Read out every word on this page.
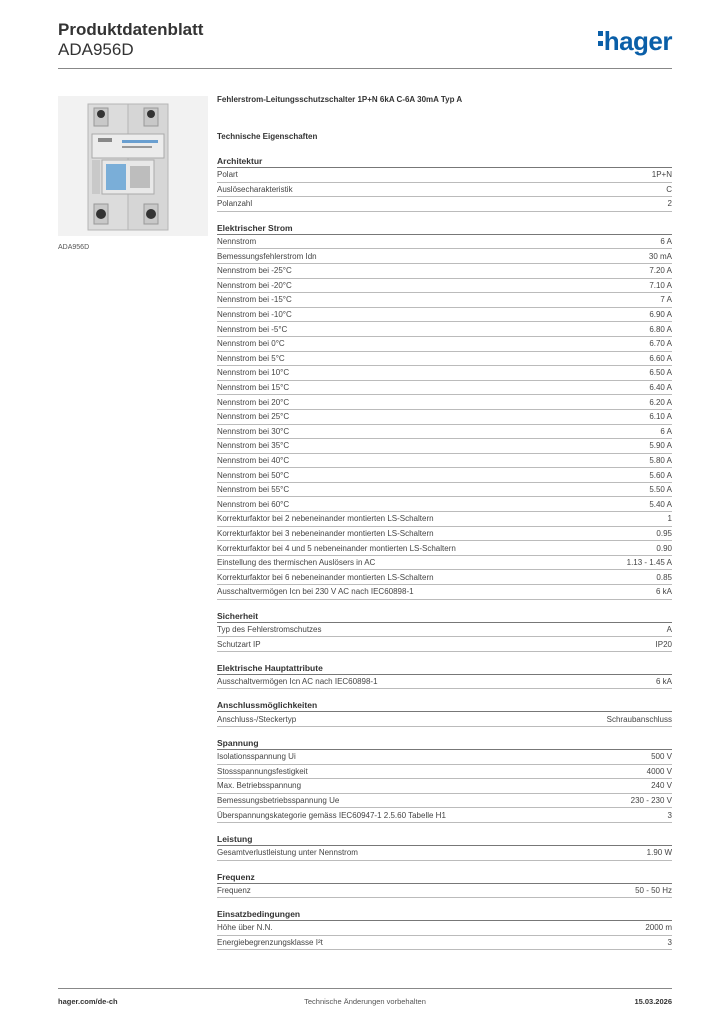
Produktdatenblatt
ADA956D	hager
ADA956D
Fehlerstrom-Leitungsschutzschalter 1P+N 6kA C-6A 30mA Typ A
Technische Eigenschaften
Architektur
Polart	1P+N
Auslösecharakteristik	C
Polanzahl	2
Elektrischer Strom
Nennstrom	6 A
Bemessungsfehlerstrom Idn	30 mA
Nennstrom bei -25°C	7.20 A
Nennstrom bei -20°C	7.10 A
Nennstrom bei -15°C	7 A
Nennstrom bei -10°C	6.90 A
Nennstrom bei -5°C	6.80 A
Nennstrom bei 0°C	6.70 A
Nennstrom bei 5°C	6.60 A
Nennstrom bei 10°C	6.50 A
Nennstrom bei 15°C	6.40 A
Nennstrom bei 20°C	6.20 A
Nennstrom bei 25°C	6.10 A
Nennstrom bei 30°C	6 A
Nennstrom bei 35°C	5.90 A
Nennstrom bei 40°C	5.80 A
Nennstrom bei 50°C	5.60 A
Nennstrom bei 55°C	5.50 A
Nennstrom bei 60°C	5.40 A
Korrekturfaktor bei 2 nebeneinander montierten LS-Schaltern	1
Korrekturfaktor bei 3 nebeneinander montierten LS-Schaltern	0.95
Korrekturfaktor bei 4 und 5 nebeneinander montierten LS-Schaltern	0.90
Einstellung des thermischen Auslösers in AC	1.13 - 1.45 A
Korrekturfaktor bei 6 nebeneinander montierten LS-Schaltern	0.85
Ausschaltvermögen Icn bei 230 V AC nach IEC60898-1	6 kA
Sicherheit
Typ des Fehlerstromschutzes	A
Schutzart IP	IP20
Elektrische Hauptattribute
Ausschaltvermögen Icn AC nach IEC60898-1	6 kA
Anschlussmöglichkeiten
Anschluss-/Steckertyp	Schraubanschluss
Spannung
Isolationsspannung Ui	500 V
Stossspannungsfestigkeit	4000 V
Max. Betriebsspannung	240 V
Bemessungsbetriebsspannung Ue	230 - 230 V
Überspannungskategorie gemäss IEC60947-1 2.5.60 Tabelle H1	3
Leistung
Gesamtverlustleistung unter Nennstrom	1.90 W
Frequenz
Frequenz	50 - 50 Hz
Einsatzbedingungen
Höhe über N.N.	2000 m
Energiebegrenzungsklasse I²t	3
Technische Änderungen vorbehalten
hager.com/de-ch	15.03.2026
